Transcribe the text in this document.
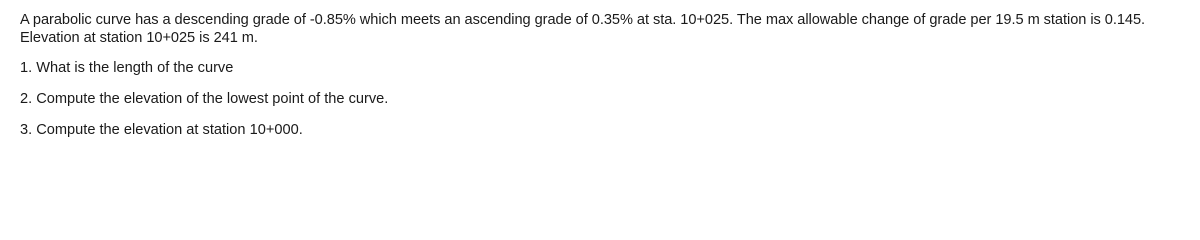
A parabolic curve has a descending grade of -0.85% which meets an ascending grade of 0.35% at sta. 10+025. The max allowable change of grade per 19.5 m station is 0.145. Elevation at station 10+025 is 241 m.

1. What is the length of the curve
2. Compute the elevation of the lowest point of the curve.
3. Compute the elevation at station 10+000.
